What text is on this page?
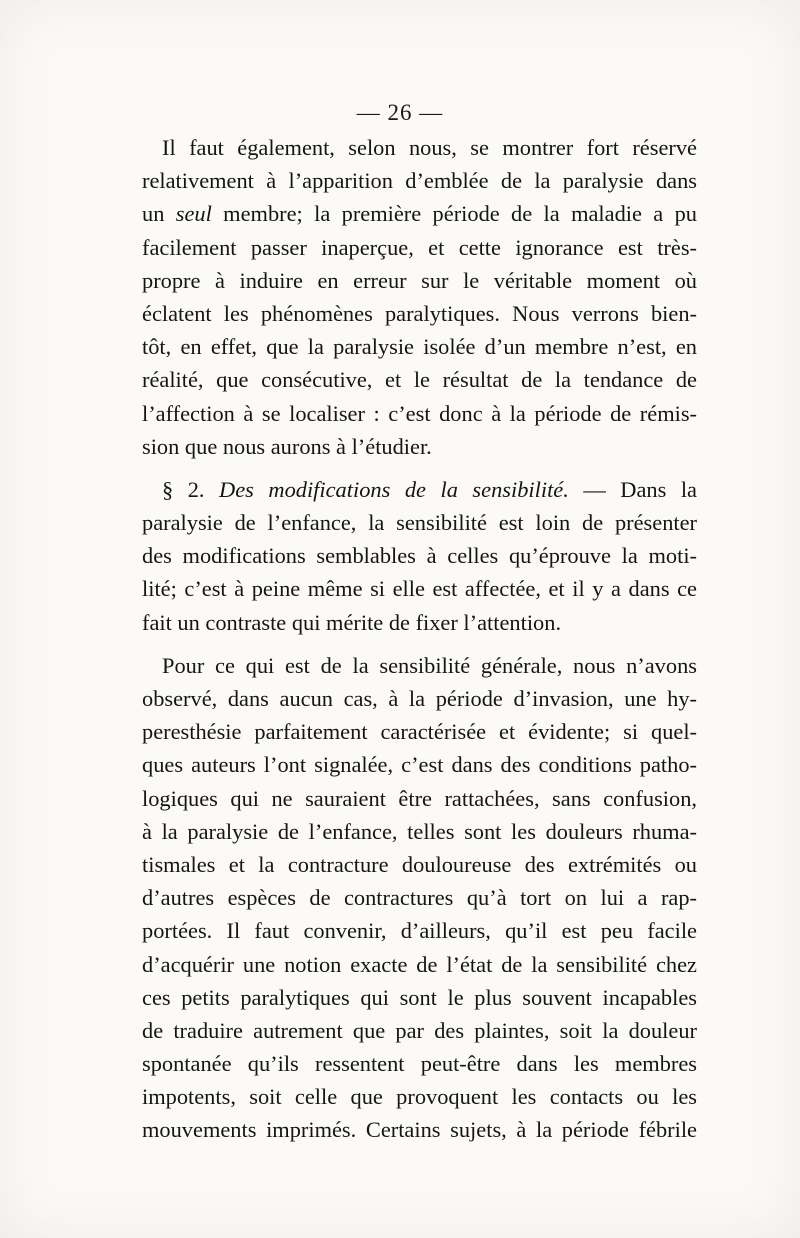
— 26 —
Il faut également, selon nous, se montrer fort réservé
relativement à l’apparition d’emblée de la paralysie dans
un seul membre; la première période de la maladie a pu
facilement passer inaperçue, et cette ignorance est très-
propre à induire en erreur sur le véritable moment où
éclatent les phénomènes paralytiques. Nous verrons bien-
tôt, en effet, que la paralysie isolée d’un membre n’est, en
réalité, que consécutive, et le résultat de la tendance de
l’affection à se localiser : c’est donc à la période de rémis-
sion que nous aurons à l’étudier.
§ 2. Des modifications de la sensibilité. — Dans la
paralysie de l’enfance, la sensibilité est loin de présenter
des modifications semblables à celles qu’éprouve la moti-
lité; c’est à peine même si elle est affectée, et il y a dans ce
fait un contraste qui mérite de fixer l’attention.
Pour ce qui est de la sensibilité générale, nous n’avons
observé, dans aucun cas, à la période d’invasion, une hy-
peresthésie parfaitement caractérisée et évidente; si quel-
ques auteurs l’ont signalée, c’est dans des conditions patho-
logiques qui ne sauraient être rattachées, sans confusion,
à la paralysie de l’enfance, telles sont les douleurs rhuma-
tismales et la contracture douloureuse des extrémités ou
d’autres espèces de contractures qu’à tort on lui a rap-
portées. Il faut convenir, d’ailleurs, qu’il est peu facile
d’acquérir une notion exacte de l’état de la sensibilité chez
ces petits paralytiques qui sont le plus souvent incapables
de traduire autrement que par des plaintes, soit la douleur
spontanée qu’ils ressentent peut-être dans les membres
impotents, soit celle que provoquent les contacts ou les
mouvements imprimés. Certains sujets, à la période fébrile
